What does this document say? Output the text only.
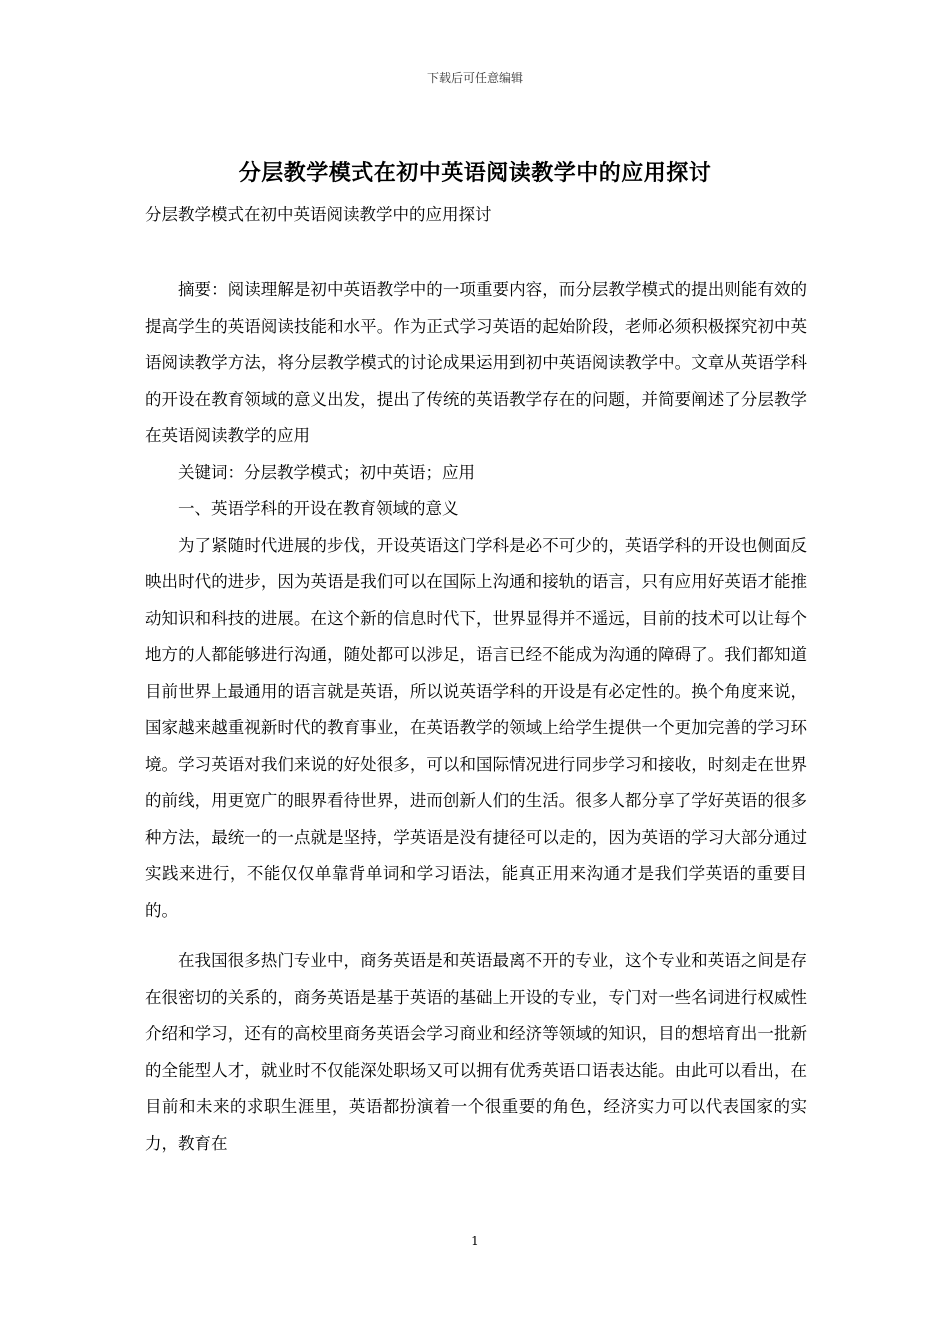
下载后可任意编辑
分层教学模式在初中英语阅读教学中的应用探讨
分层教学模式在初中英语阅读教学中的应用探讨

摘要：阅读理解是初中英语教学中的一项重要内容，而分层教学模式的提出则能有效的提高学生的英语阅读技能和水平。作为正式学习英语的起始阶段，老师必须积极探究初中英语阅读教学方法，将分层教学模式的讨论成果运用到初中英语阅读教学中。文章从英语学科的开设在教育领域的意义出发，提出了传统的英语教学存在的问题，并简要阐述了分层教学在英语阅读教学的应用

关键词：分层教学模式；初中英语；应用

一、英语学科的开设在教育领域的意义

为了紧随时代进展的步伐，开设英语这门学科是必不可少的，英语学科的开设也侧面反映出时代的进步，因为英语是我们可以在国际上沟通和接轨的语言，只有应用好英语才能推动知识和科技的进展。在这个新的信息时代下，世界显得并不遥远，目前的技术可以让每个地方的人都能够进行沟通，随处都可以涉足，语言已经不能成为沟通的障碍了。我们都知道目前世界上最通用的语言就是英语，所以说英语学科的开设是有必定性的。换个角度来说，国家越来越重视新时代的教育事业，在英语教学的领域上给学生提供一个更加完善的学习环境。学习英语对我们来说的好处很多，可以和国际情况进行同步学习和接收，时刻走在世界的前线，用更宽广的眼界看待世界，进而创新人们的生活。很多人都分享了学好英语的很多种方法，最统一的一点就是坚持，学英语是没有捷径可以走的，因为英语的学习大部分通过实践来进行，不能仅仅单靠背单词和学习语法，能真正用来沟通才是我们学英语的重要目的。

在我国很多热门专业中，商务英语是和英语最离不开的专业，这个专业和英语之间是存在很密切的关系的，商务英语是基于英语的基础上开设的专业，专门对一些名词进行权威性介绍和学习，还有的高校里商务英语会学习商业和经济等领域的知识，目的想培育出一批新的全能型人才，就业时不仅能深处职场又可以拥有优秀英语口语表达能。由此可以看出，在目前和未来的求职生涯里，英语都扮演着一个很重要的角色，经济实力可以代表国家的实力，教育在

1
